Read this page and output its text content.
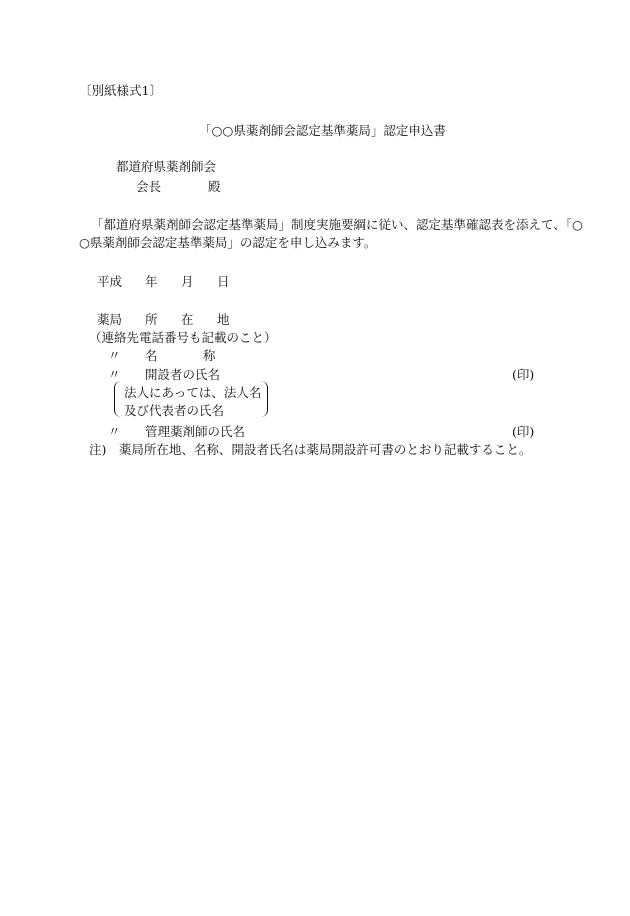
〔別紙様式1〕
「○○県薬剤師会認定基準薬局」認定申込書
都道府県薬剤師会
会長	殿
「都道府県薬剤師会認定基準薬局」制度実施要綱に従い、認定基準確認表を添えて、「○
○県薬剤師会認定基準薬局」の認定を申し込みます。
平成 年 月 日
薬局 所 在 地
（連絡先電話番号も記載のこと）
〃 名	称
〃 開設者の氏名	(印)
法人にあっては、法人名
及び代表者の氏名
〃 管理薬剤師の氏名	(印)
注)　薬局所在地、名称、開設者氏名は薬局開設許可書のとおり記載すること。
